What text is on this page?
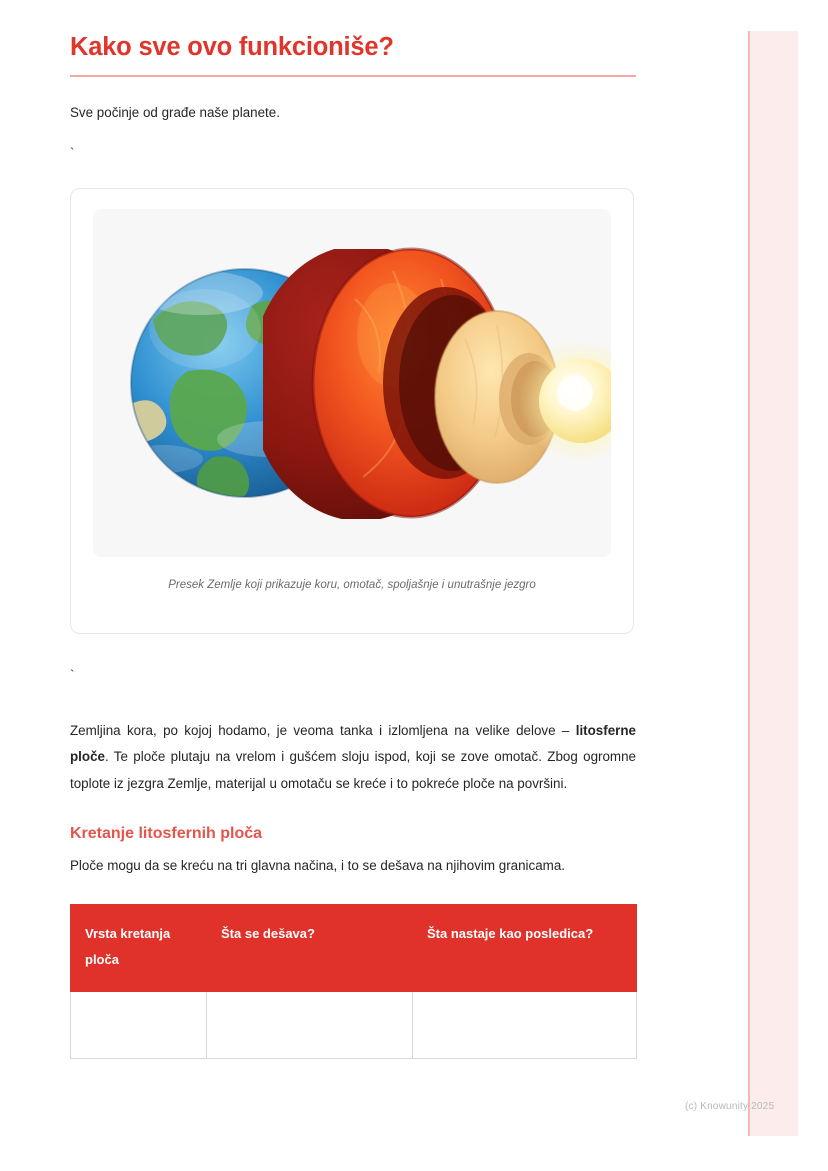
(c) Knowunity 2025
Kako sve ovo funkcioniše?

Sve počinje od građe naše planete.

`
Presek Zemlje koji prikazuje koru, omotač, spoljašnje i unutrašnje jezgro
`

Zemljina kora, po kojoj hodamo, je veoma tanka i izlomljena na velike delove – litosferne ploče. Te ploče plutaju na vrelom i gušćem sloju ispod, koji se zove omotač. Zbog ogromne toplote iz jezgra Zemlje, materijal u omotaču se kreće i to pokreće ploče na površini.

Kretanje litosfernih ploča

Ploče mogu da se kreću na tri glavna načina, i to se dešava na njihovim granicama.

Vrsta kretanja ploča	Šta se dešava?	Šta nastaje kao posledica?
